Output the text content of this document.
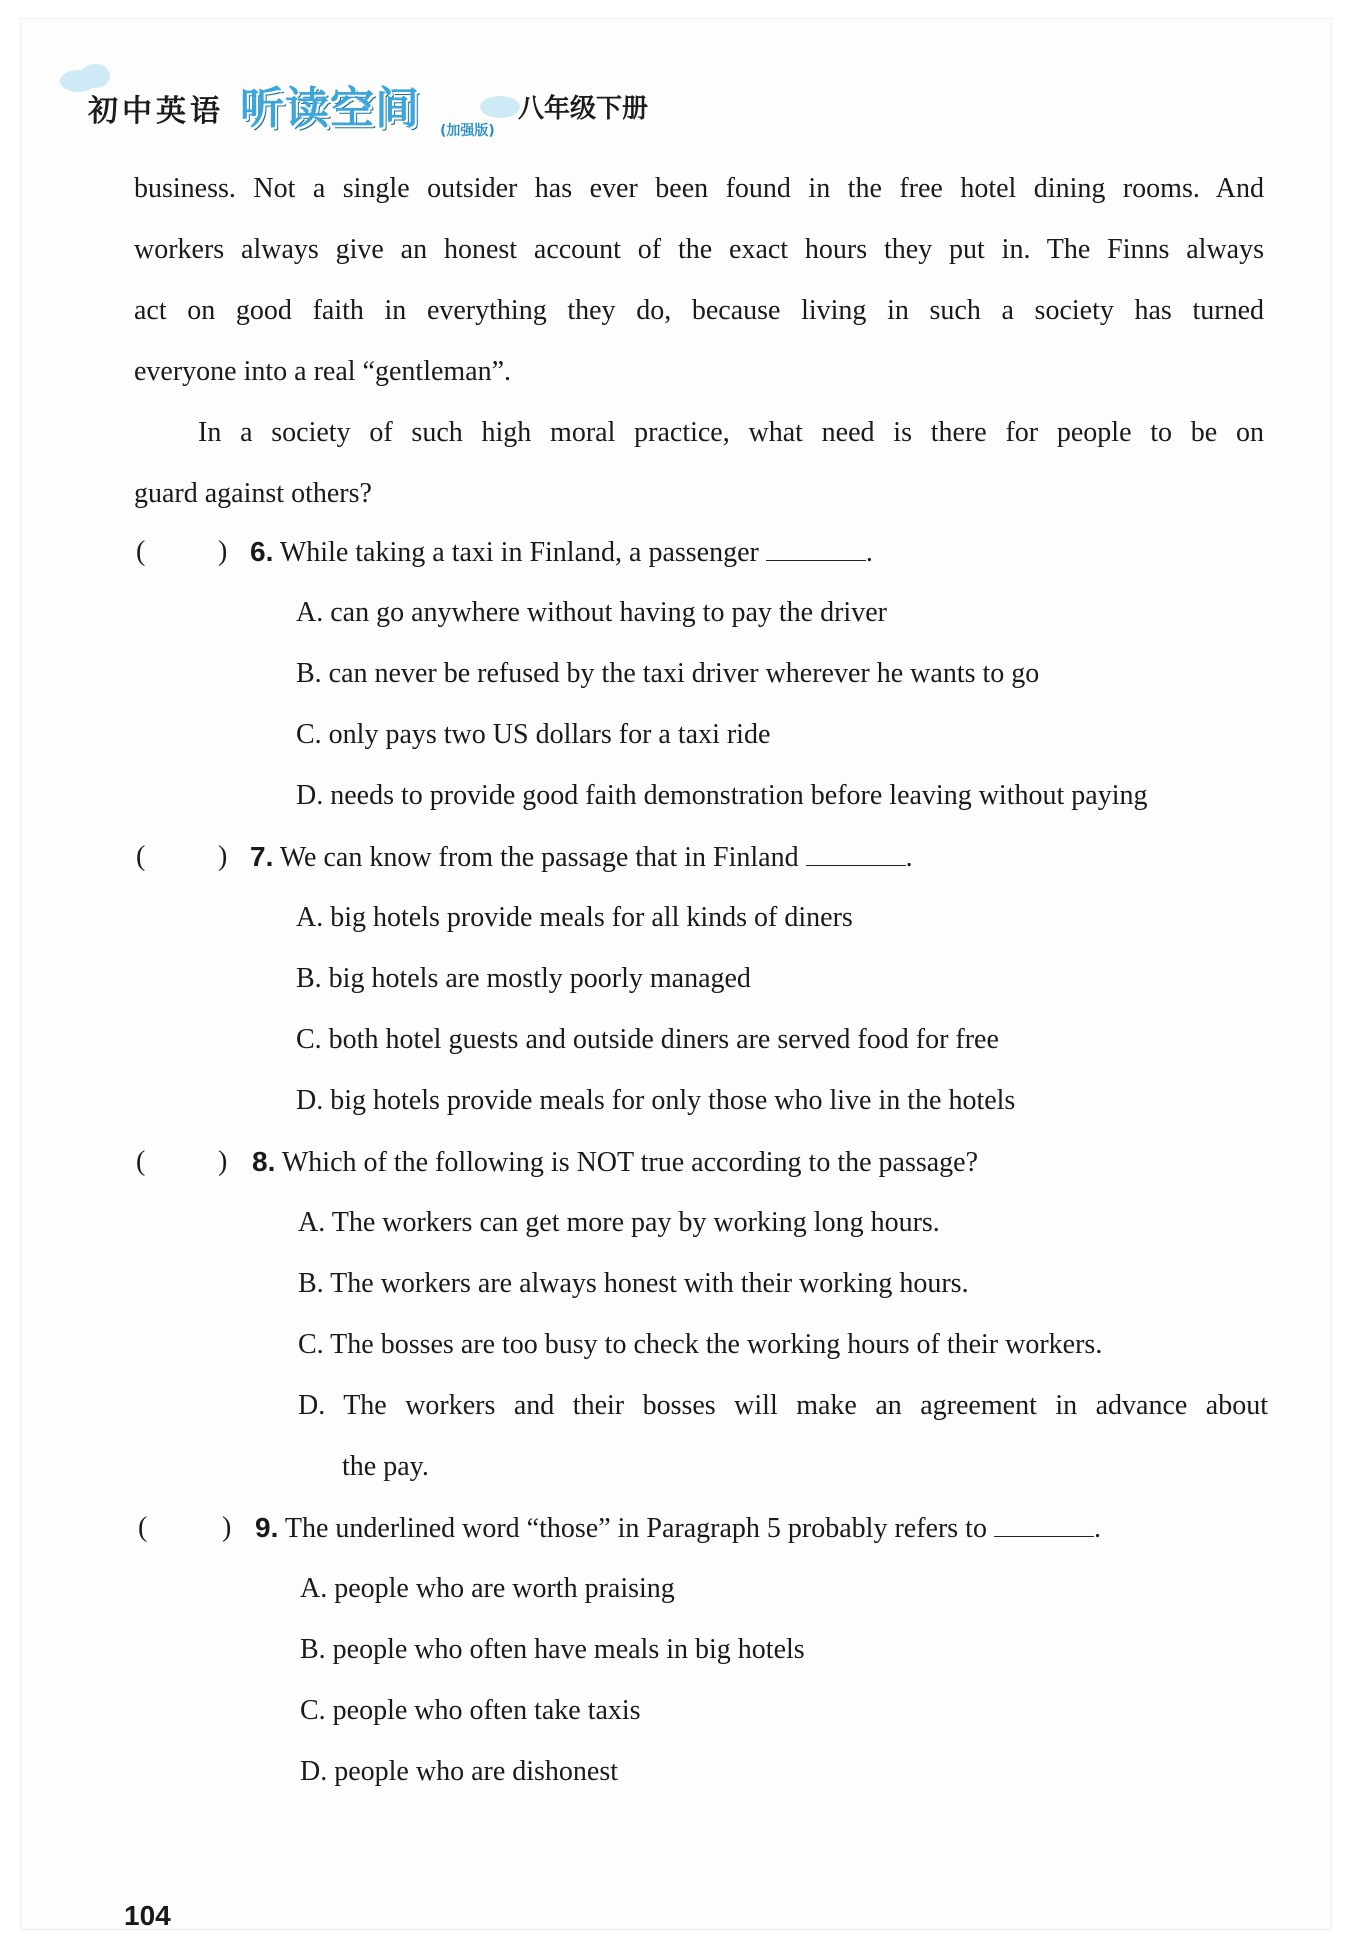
初中英语 听读空间 (加强版)
八年级下册
business. Not a single outsider has ever been found in the free hotel dining rooms. And
workers always give an honest account of the exact hours they put in. The Finns always
act on good faith in everything they do, because living in such a society has turned
everyone into a real “gentleman”.
In a society of such high moral practice, what need is there for people to be on
guard against others?
(	) 6. While taking a taxi in Finland, a passenger	.
A. can go anywhere without having to pay the driver
B. can never be refused by the taxi driver wherever he wants to go
C. only pays two US dollars for a taxi ride
D. needs to provide good faith demonstration before leaving without paying
(	) 7. We can know from the passage that in Finland	.
A. big hotels provide meals for all kinds of diners
B. big hotels are mostly poorly managed
C. both hotel guests and outside diners are served food for free
D. big hotels provide meals for only those who live in the hotels
(	) 8. Which of the following is NOT true according to the passage?
A. The workers can get more pay by working long hours.
B. The workers are always honest with their working hours.
C. The bosses are too busy to check the working hours of their workers.
D. The workers and their bosses will make an agreement in advance about
the pay.
(	) 9. The underlined word “those” in Paragraph 5 probably refers to	.
A. people who are worth praising
B. people who often have meals in big hotels
C. people who often take taxis
D. people who are dishonest
104
